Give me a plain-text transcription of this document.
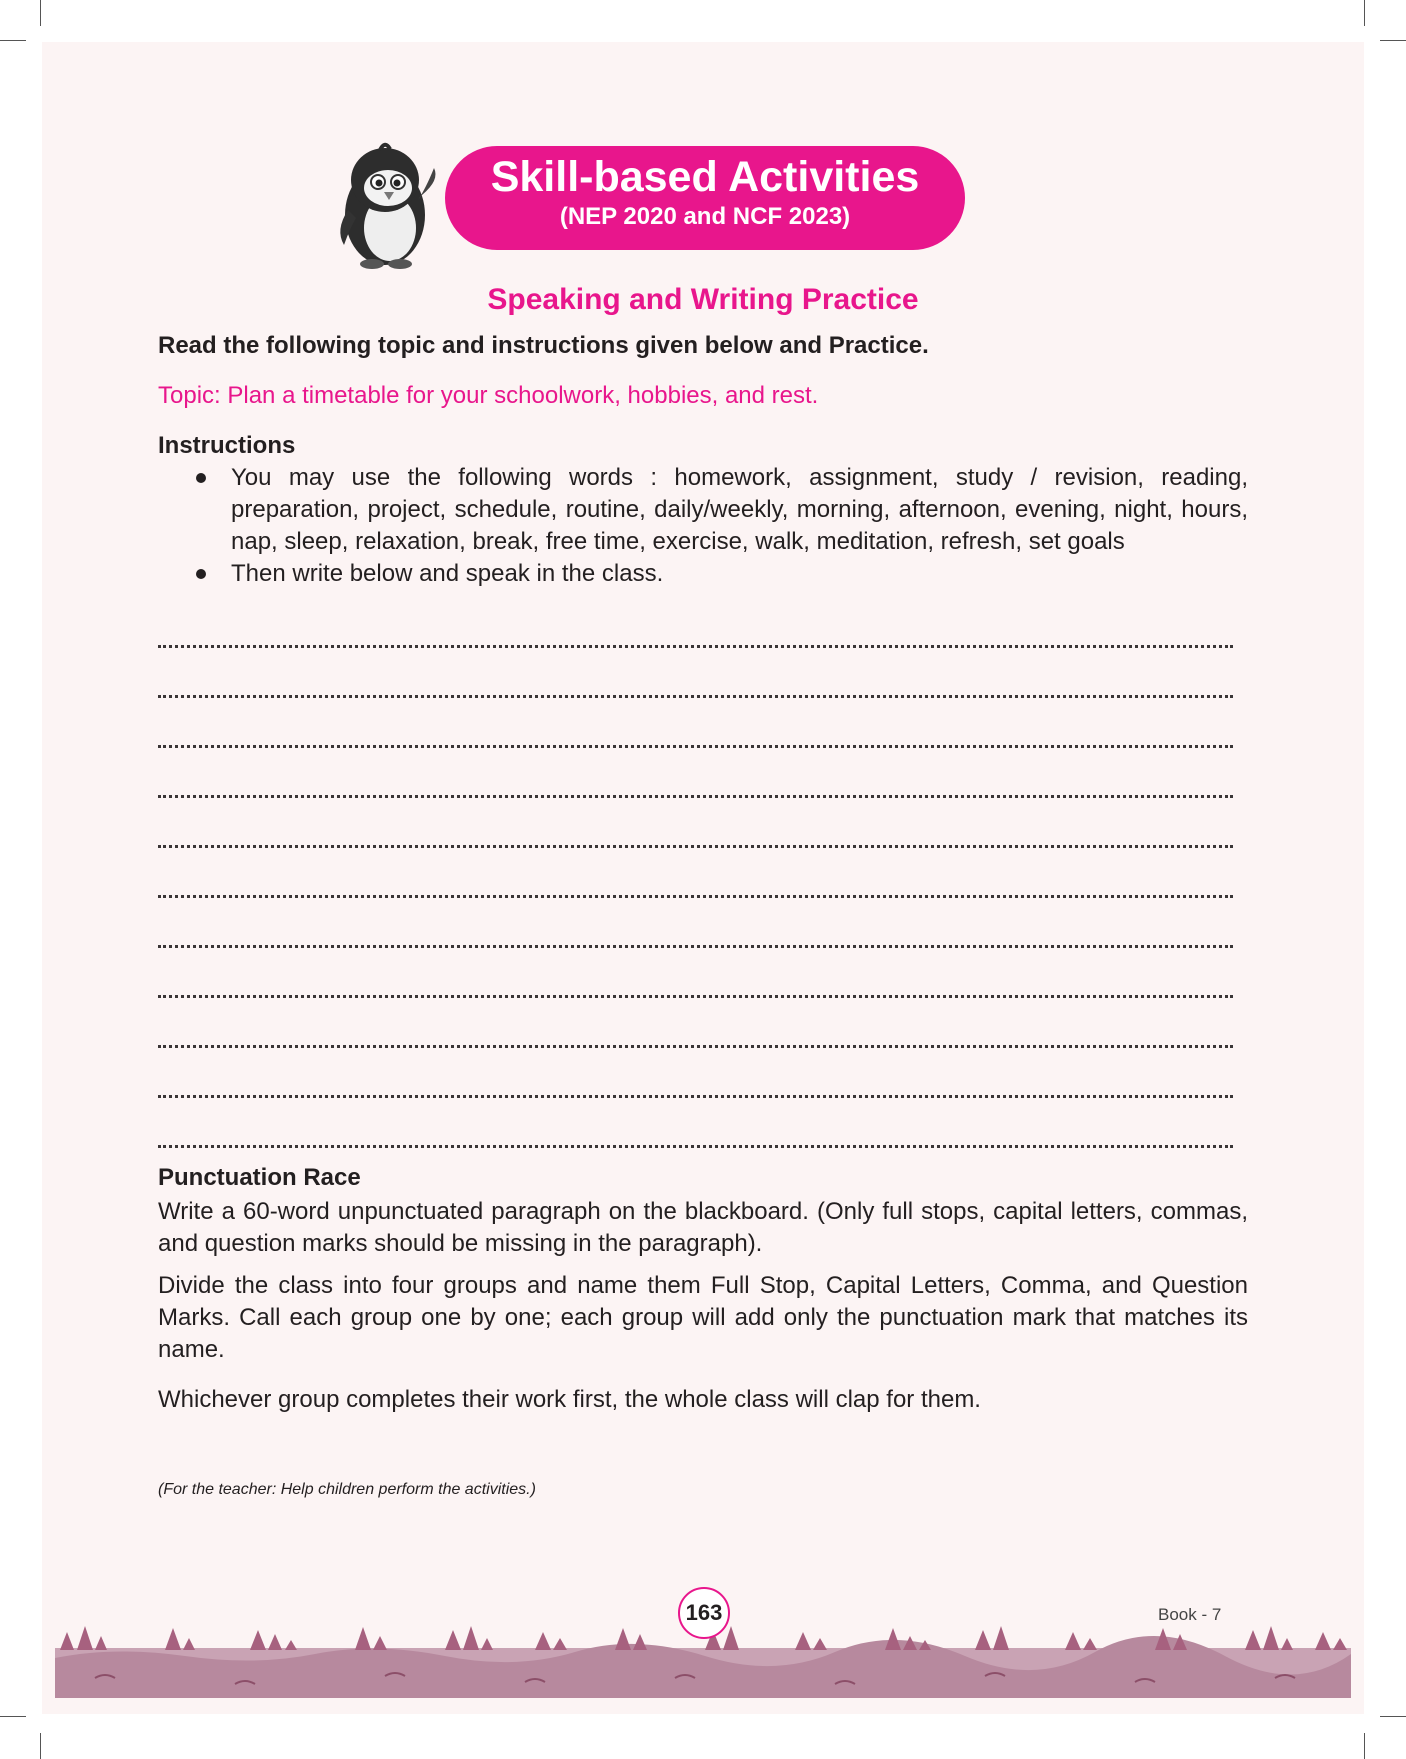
Skill-based Activities
(NEP 2020 and NCF 2023)
Speaking and Writing Practice
Read the following topic and instructions given below and Practice.
Topic: Plan a timetable for your schoolwork, hobbies, and rest.
Instructions
You may use the following words : homework, assignment, study / revision, reading, preparation, project, schedule, routine, daily/weekly, morning, afternoon, evening, night, hours, nap, sleep, relaxation, break, free time, exercise, walk, meditation, refresh, set goals
Then write below and speak in the class.
Punctuation Race
Write a 60-word unpunctuated paragraph on the blackboard. (Only full stops, capital letters, commas, and question marks should be missing in the paragraph).
Divide the class into four groups and name them Full Stop, Capital Letters, Comma, and Question Marks. Call each group one by one; each group will add only the punctuation mark that matches its name.
Whichever group completes their work first, the whole class will clap for them.
(For the teacher: Help children perform the activities.)
163	Book - 7
